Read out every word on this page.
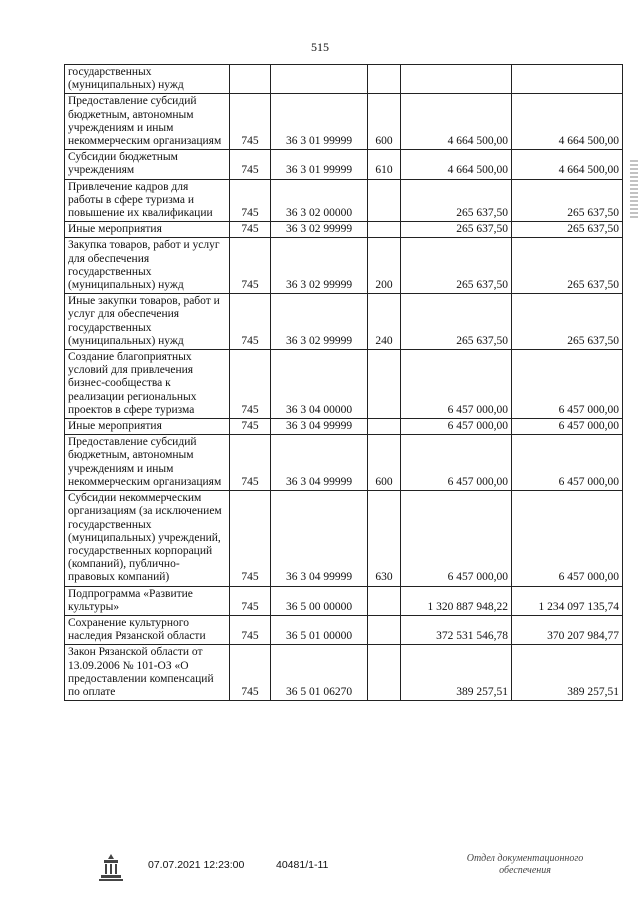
515
государственных (муниципальных) нужд					
Предоставление субсидий бюджетным, автономным учреждениям и иным некоммерческим организациям	745	36 3 01 99999	600	4 664 500,00	4 664 500,00
Субсидии бюджетным учреждениям	745	36 3 01 99999	610	4 664 500,00	4 664 500,00
Привлечение кадров для работы в сфере туризма и повышение их квалификации	745	36 3 02 00000		265 637,50	265 637,50
Иные мероприятия	745	36 3 02 99999		265 637,50	265 637,50
Закупка товаров, работ и услуг для обеспечения государственных (муниципальных) нужд	745	36 3 02 99999	200	265 637,50	265 637,50
Иные закупки товаров, работ и услуг для обеспечения государственных (муниципальных) нужд	745	36 3 02 99999	240	265 637,50	265 637,50
Создание благоприятных условий для привлечения бизнес-сообщества к реализации региональных проектов в сфере туризма	745	36 3 04 00000		6 457 000,00	6 457 000,00
Иные мероприятия	745	36 3 04 99999		6 457 000,00	6 457 000,00
Предоставление субсидий бюджетным, автономным учреждениям и иным некоммерческим организациям	745	36 3 04 99999	600	6 457 000,00	6 457 000,00
Субсидии некоммерческим организациям (за исключением государственных (муниципальных) учреждений, государственных корпораций (компаний), публично-правовых компаний)	745	36 3 04 99999	630	6 457 000,00	6 457 000,00
Подпрограмма «Развитие культуры»	745	36 5 00 00000		1 320 887 948,22	1 234 097 135,74
Сохранение культурного наследия Рязанской области	745	36 5 01 00000		372 531 546,78	370 207 984,77
Закон Рязанской области от 13.09.2006 № 101-ОЗ «О предоставлении компенсаций по оплате	745	36 5 01 06270		389 257,51	389 257,51
07.07.2021 12:23:00	40481/1-11
Отдел документационного
обеспечения
